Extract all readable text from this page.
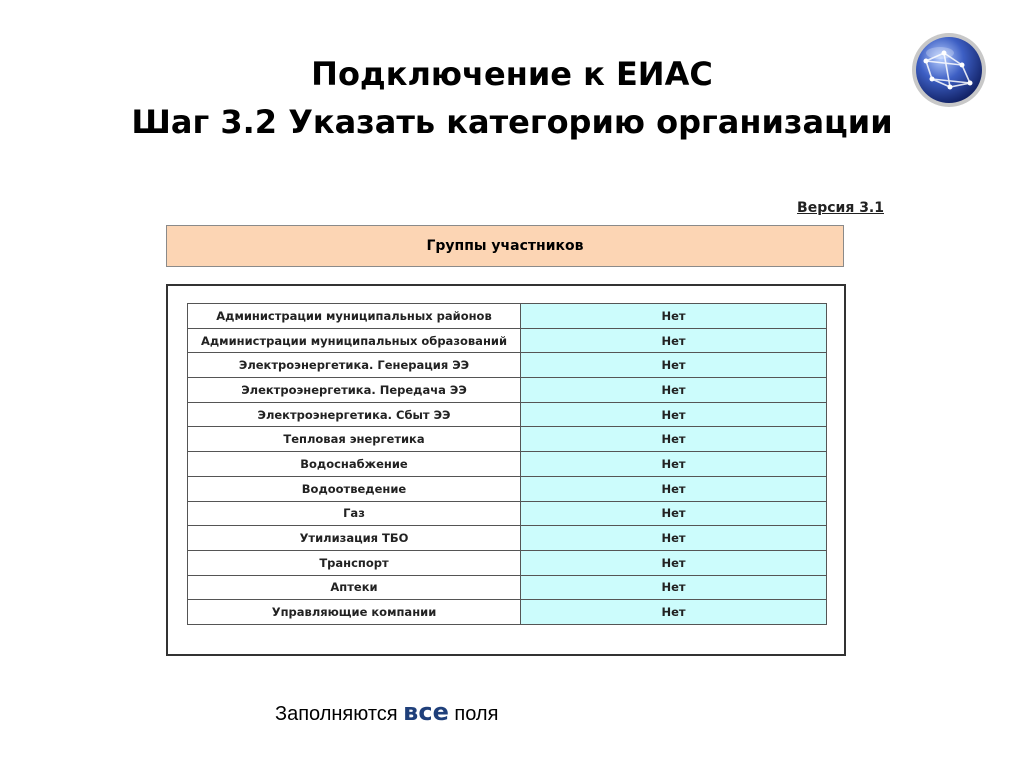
Подключение к ЕИАС
Шаг 3.2 Указать категорию организации
Версия 3.1
Группы участников
Администрации муниципальных районов	Нет
Администрации муниципальных образований	Нет
Электроэнергетика. Генерация ЭЭ	Нет
Электроэнергетика. Передача ЭЭ	Нет
Электроэнергетика. Сбыт ЭЭ	Нет
Тепловая энергетика	Нет
Водоснабжение	Нет
Водоотведение	Нет
Газ	Нет
Утилизация ТБО	Нет
Транспорт	Нет
Аптеки	Нет
Управляющие компании	Нет
Заполняются все поля
